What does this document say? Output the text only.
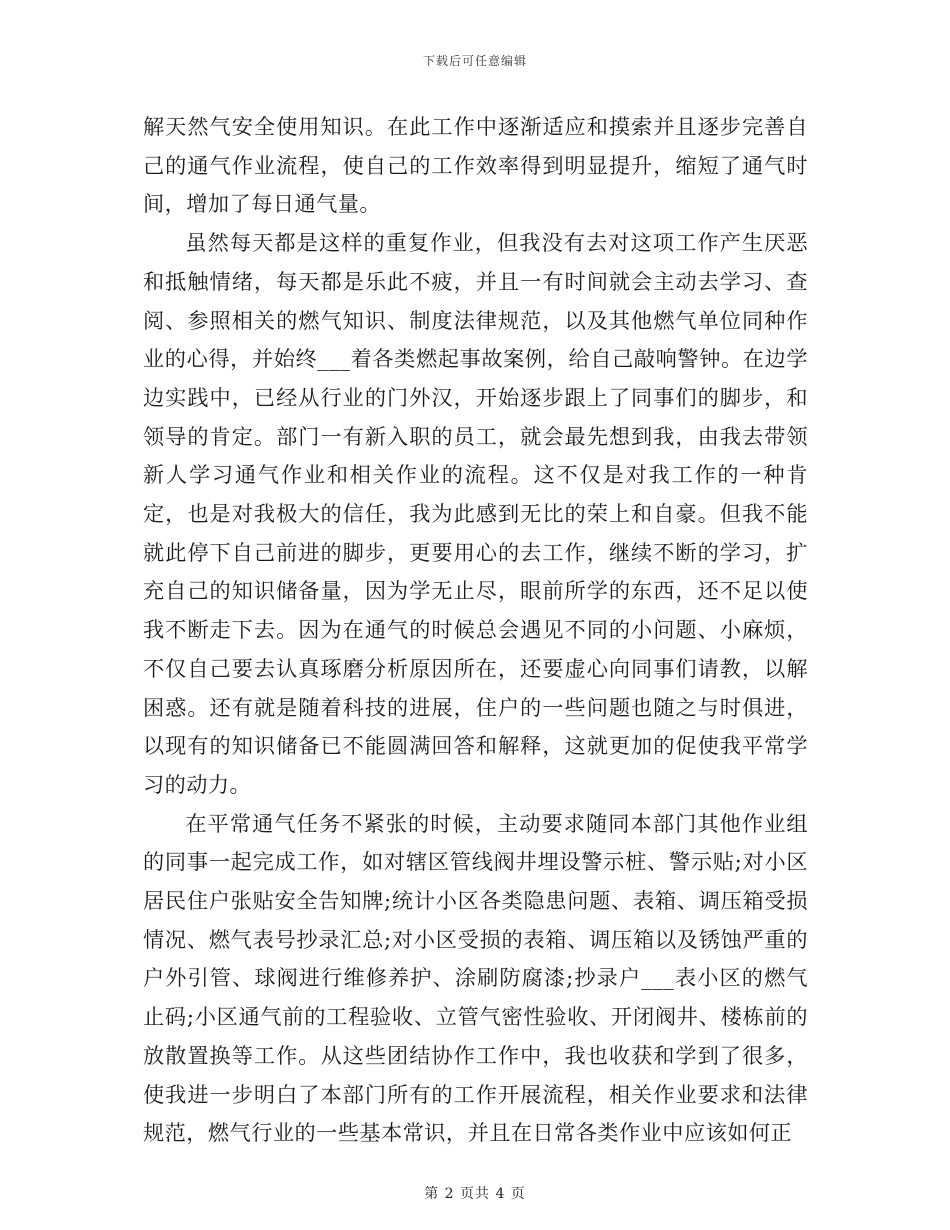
下载后可任意编辑

解天然气安全使用知识。在此工作中逐渐适应和摸索并且逐步完善自己的通气作业流程，使自己的工作效率得到明显提升，缩短了通气时间，增加了每日通气量。

虽然每天都是这样的重复作业，但我没有去对这项工作产生厌恶和抵触情绪，每天都是乐此不疲，并且一有时间就会主动去学习、查阅、参照相关的燃气知识、制度法律规范，以及其他燃气单位同种作业的心得，并始终___着各类燃起事故案例，给自己敲响警钟。在边学边实践中，已经从行业的门外汉，开始逐步跟上了同事们的脚步，和领导的肯定。部门一有新入职的员工，就会最先想到我，由我去带领新人学习通气作业和相关作业的流程。这不仅是对我工作的一种肯定，也是对我极大的信任，我为此感到无比的荣上和自豪。但我不能就此停下自己前进的脚步，更要用心的去工作，继续不断的学习，扩充自己的知识储备量，因为学无止尽，眼前所学的东西，还不足以使我不断走下去。因为在通气的时候总会遇见不同的小问题、小麻烦，不仅自己要去认真琢磨分析原因所在，还要虚心向同事们请教，以解困惑。还有就是随着科技的进展，住户的一些问题也随之与时俱进，以现有的知识储备已不能圆满回答和解释，这就更加的促使我平常学习的动力。

在平常通气任务不紧张的时候，主动要求随同本部门其他作业组的同事一起完成工作，如对辖区管线阀井埋设警示桩、警示贴;对小区居民住户张贴安全告知牌;统计小区各类隐患问题、表箱、调压箱受损情况、燃气表号抄录汇总;对小区受损的表箱、调压箱以及锈蚀严重的户外引管、球阀进行维修养护、涂刷防腐漆;抄录户___表小区的燃气止码;小区通气前的工程验收、立管气密性验收、开闭阀井、楼栋前的放散置换等工作。从这些团结协作工作中，我也收获和学到了很多，使我进一步明白了本部门所有的工作开展流程，相关作业要求和法律规范，燃气行业的一些基本常识，并且在日常各类作业中应该如何正

第 2 页共 4 页
